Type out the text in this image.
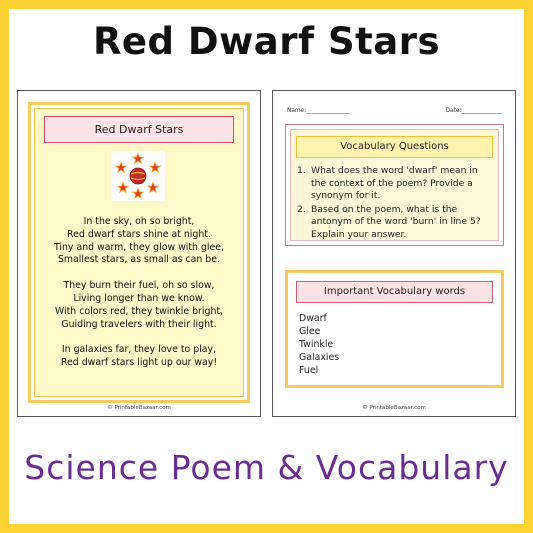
Red Dwarf Stars
Red Dwarf Stars
In the sky, oh so bright,
Red dwarf stars shine at night.
Tiny and warm, they glow with glee,
Smallest stars, as small as can be.
They burn their fuel, oh so slow,
Living longer than we know.
With colors red, they twinkle bright,
Guiding travelers with their light.
In galaxies far, they love to play,
Red dwarf stars light up our way!
© PrintableBazaar.com
Name:_______________	Date:______________
Vocabulary Questions
1. What does the word 'dwarf' mean in the context of the poem? Provide a synonym for it.
2. Based on the poem, what is the antonym of the word 'burn' in line 5? Explain your answer.
Important Vocabulary words
Dwarf
Glee
Twinkle
Galaxies
Fuel
© PrintableBazaar.com
Science Poem & Vocabulary
